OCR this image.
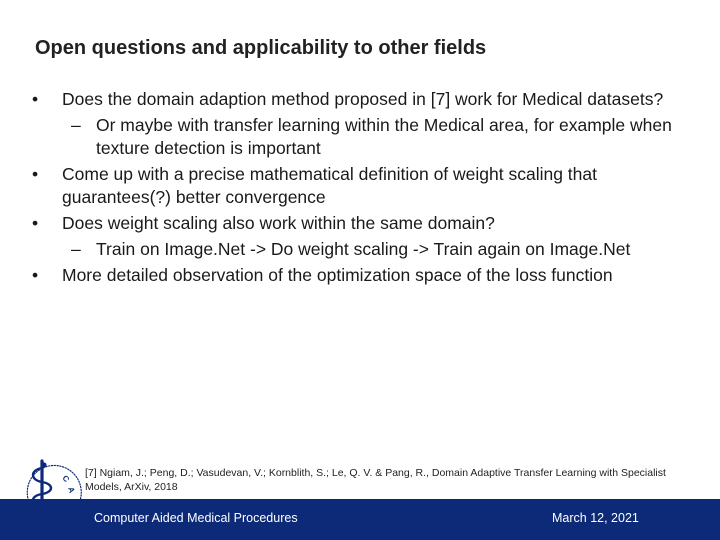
Open questions and applicability to other fields
• Does the domain adaption method proposed in [7] work for Medical datasets?
– Or maybe with transfer learning within the Medical area, for example when texture detection is important
• Come up with a precise mathematical definition of weight scaling that guarantees(?) better convergence
• Does weight scaling also work within the same domain?
– Train on Image.Net -> Do weight scaling -> Train again on Image.Net
• More detailed observation of the optimization space of the loss function
[7] Ngiam, J.; Peng, D.; Vasudevan, V.; Kornblith, S.; Le, Q. V. & Pang, R., Domain Adaptive Transfer Learning with Specialist Models, ArXiv, 2018
C
A
Computer Aided Medical Procedures	March 12, 2021
